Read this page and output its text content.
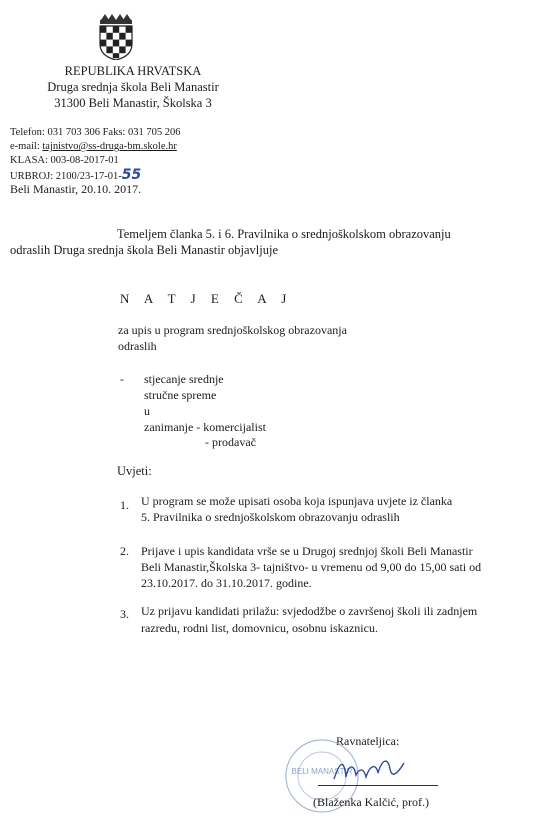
REPUBLIKA HRVATSKA
Druga srednja škola Beli Manastir
31300 Beli Manastir, Školska 3
Telefon: 031 703 306 Faks: 031 705 206
e-mail: tajnistvo@ss-druga-bm.skole.hr
KLASA: 003-08-2017-01
URBROJ: 2100/23-17-01-55
Beli Manastir, 20.10. 2017.
Temeljem članka 5. i 6. Pravilnika o srednjoškolskom obrazovanju
odraslih Druga srednja škola Beli Manastir objavljuje
N A T J E Č A J
za upis u program srednjoškolskog obrazovanja
odraslih
- stjecanje srednje
stručne spreme
u
zanimanje - komercijalist
- prodavač
Uvjeti:
1. U program se može upisati osoba koja ispunjava uvjete iz članka
5. Pravilnika o srednjoškolskom obrazovanju odraslih
2. Prijave i upis kandidata vrše se u Drugoj srednjoj školi Beli Manastir
Beli Manastir,Školska 3- tajništvo- u vremenu od 9,00 do 15,00 sati od
23.10.2017. do 31.10.2017. godine.
3. Uz prijavu kandidati prilažu: svjedodžbe o završenoj školi ili zadnjem
razredu, rodni list, domovnicu, osobnu iskaznicu.
Ravnateljica:
BELI MANASTIR
(Blaženka Kalčić, prof.)
